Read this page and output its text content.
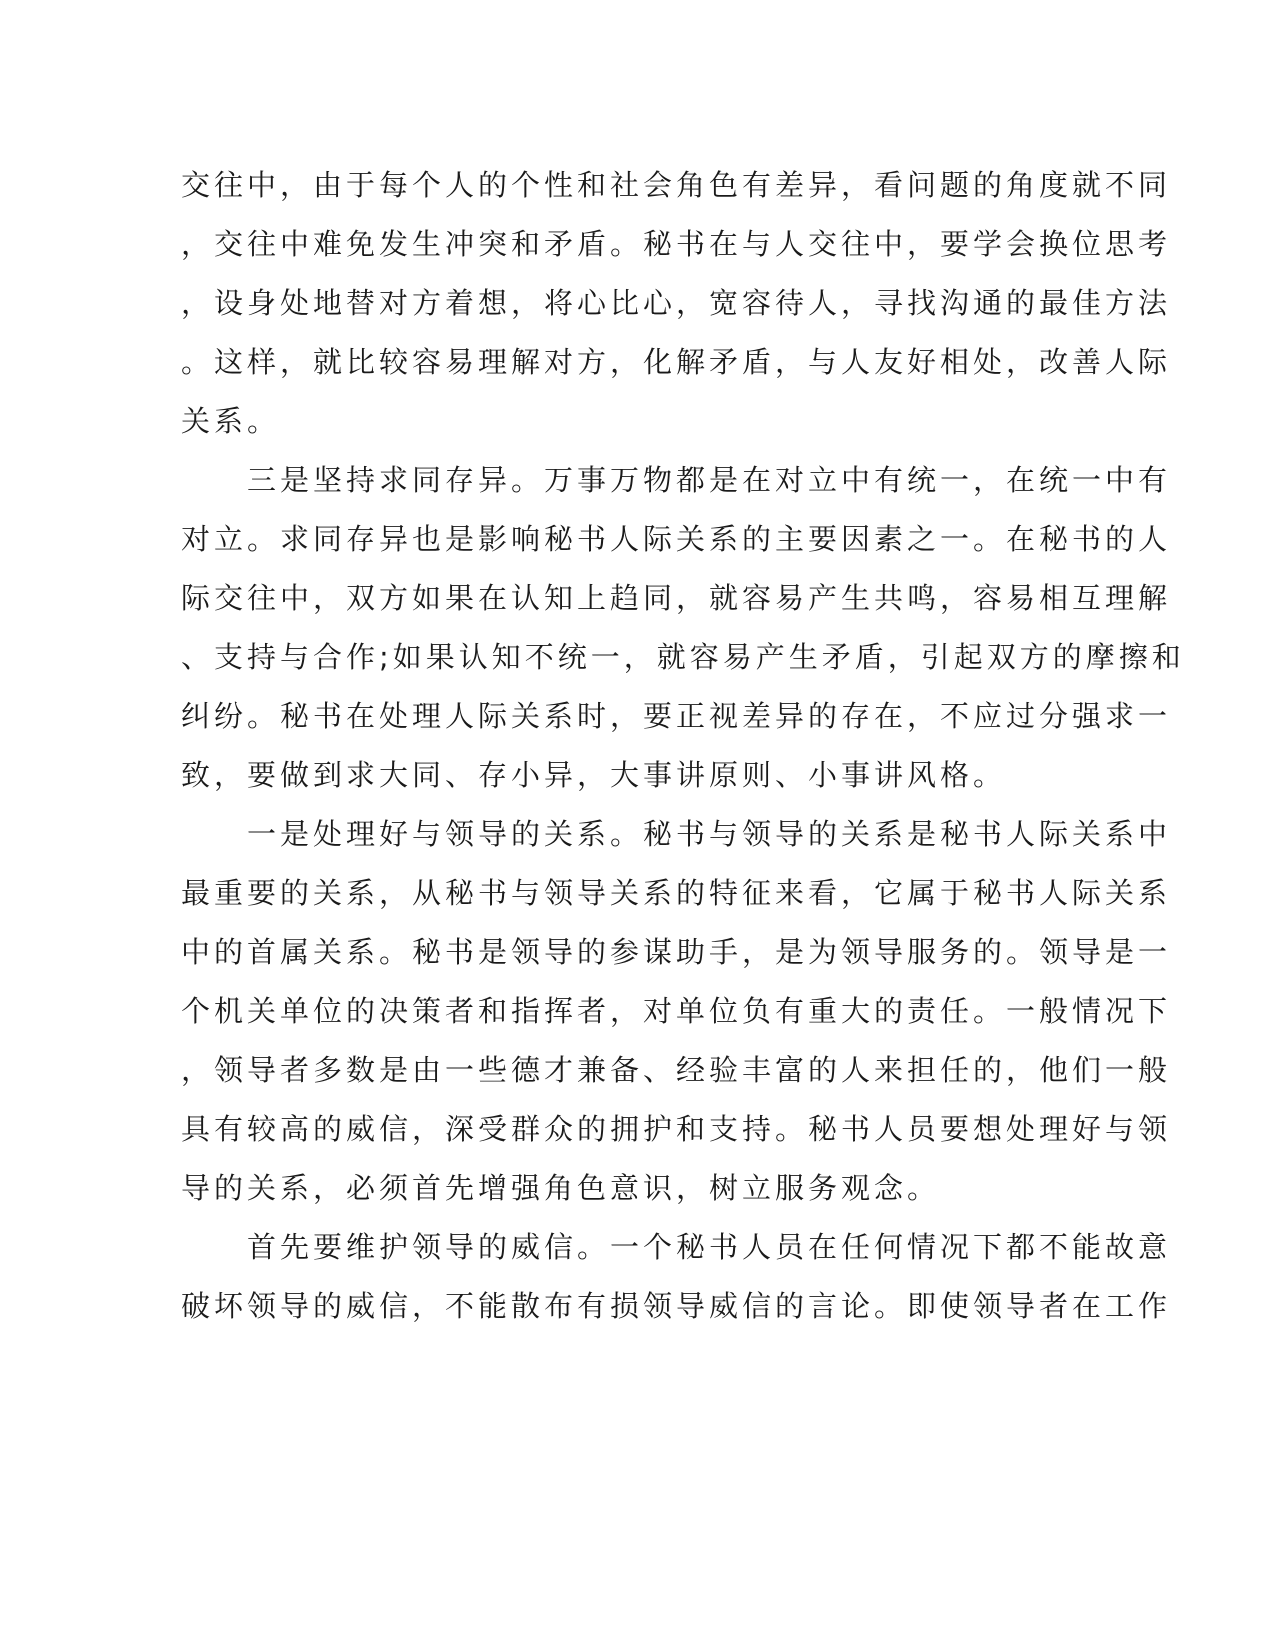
交往中，由于每个人的个性和社会角色有差异，看问题的角度就不同
，交往中难免发生冲突和矛盾。秘书在与人交往中，要学会换位思考
，设身处地替对方着想，将心比心，宽容待人，寻找沟通的最佳方法
。这样，就比较容易理解对方，化解矛盾，与人友好相处，改善人际
关系。
　　三是坚持求同存异。万事万物都是在对立中有统一，在统一中有
对立。求同存异也是影响秘书人际关系的主要因素之一。在秘书的人
际交往中，双方如果在认知上趋同，就容易产生共鸣，容易相互理解
、支持与合作;如果认知不统一，就容易产生矛盾，引起双方的摩擦和
纠纷。秘书在处理人际关系时，要正视差异的存在，不应过分强求一
致，要做到求大同、存小异，大事讲原则、小事讲风格。
　　一是处理好与领导的关系。秘书与领导的关系是秘书人际关系中
最重要的关系，从秘书与领导关系的特征来看，它属于秘书人际关系
中的首属关系。秘书是领导的参谋助手，是为领导服务的。领导是一
个机关单位的决策者和指挥者，对单位负有重大的责任。一般情况下
，领导者多数是由一些德才兼备、经验丰富的人来担任的，他们一般
具有较高的威信，深受群众的拥护和支持。秘书人员要想处理好与领
导的关系，必须首先增强角色意识，树立服务观念。
　　首先要维护领导的威信。一个秘书人员在任何情况下都不能故意
破坏领导的威信，不能散布有损领导威信的言论。即使领导者在工作
